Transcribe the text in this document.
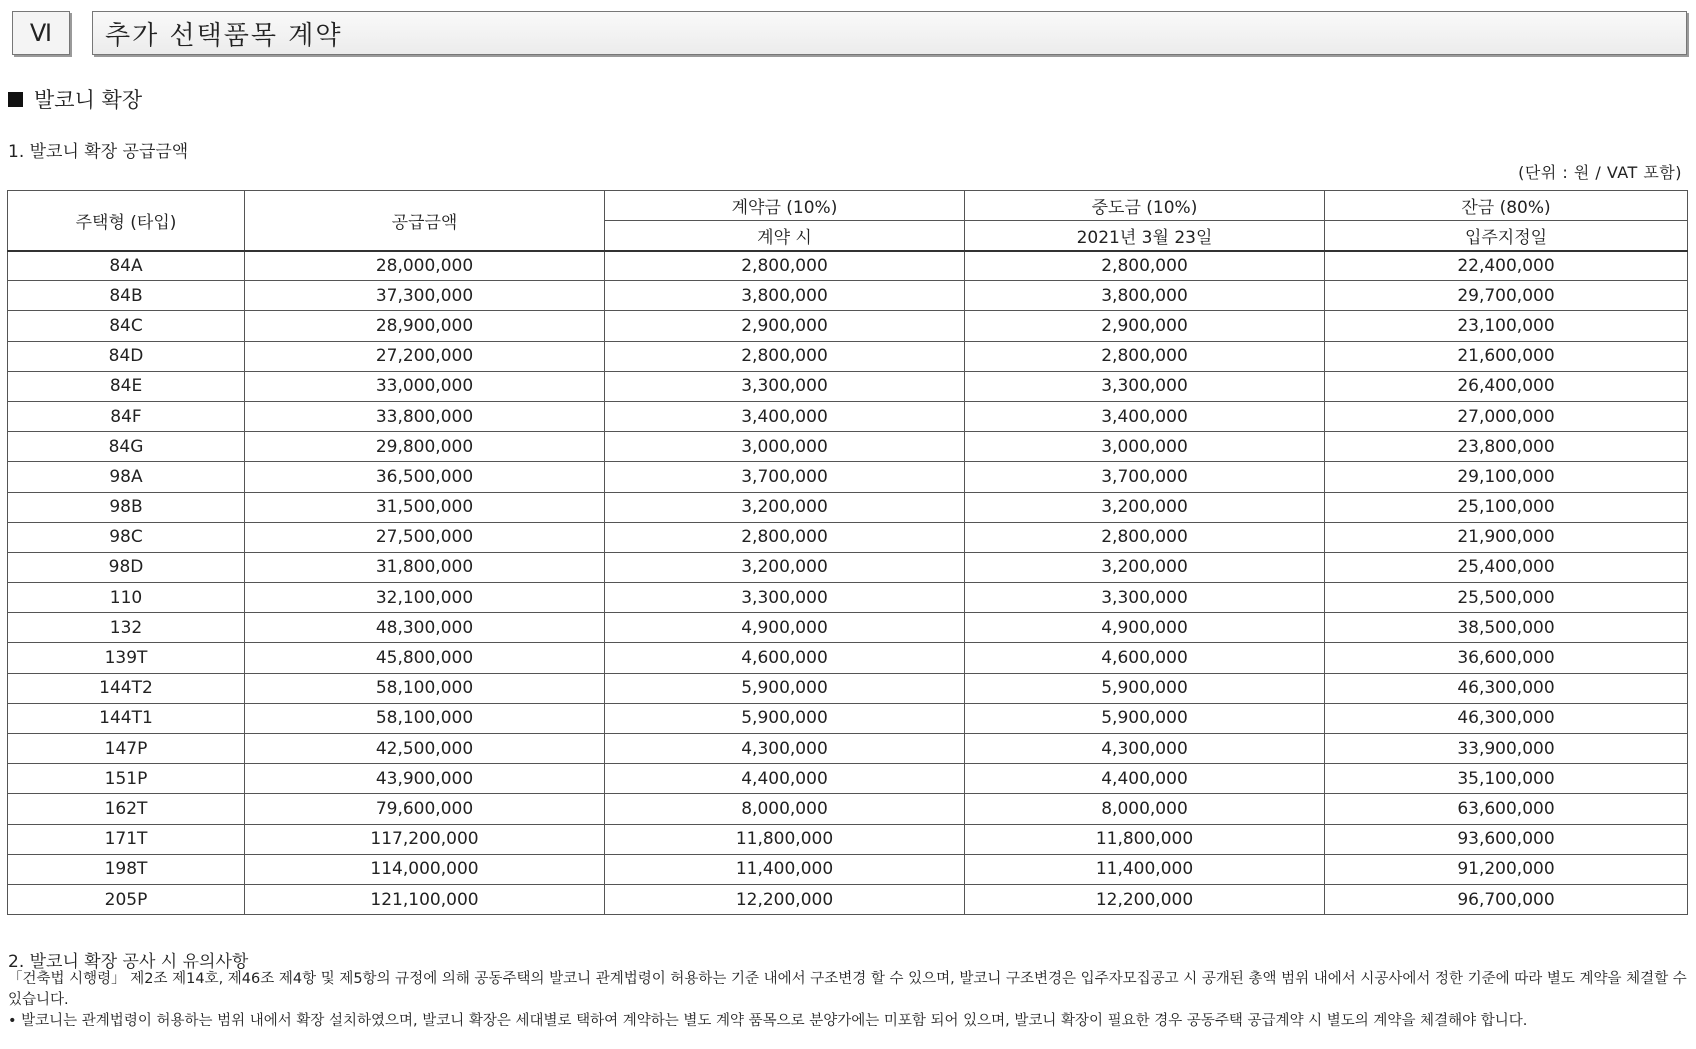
Ⅵ 추가 선택품목 계약
발코니 확장
1. 발코니 확장 공급금액
(단위 : 원 / VAT 포함)
주택형 (타입)	공급금액	계약금 (10%)	중도금 (10%)	잔금 (80%)
		계약 시	2021년 3월 23일	입주지정일
84A	28,000,000	2,800,000	2,800,000	22,400,000
84B	37,300,000	3,800,000	3,800,000	29,700,000
84C	28,900,000	2,900,000	2,900,000	23,100,000
84D	27,200,000	2,800,000	2,800,000	21,600,000
84E	33,000,000	3,300,000	3,300,000	26,400,000
84F	33,800,000	3,400,000	3,400,000	27,000,000
84G	29,800,000	3,000,000	3,000,000	23,800,000
98A	36,500,000	3,700,000	3,700,000	29,100,000
98B	31,500,000	3,200,000	3,200,000	25,100,000
98C	27,500,000	2,800,000	2,800,000	21,900,000
98D	31,800,000	3,200,000	3,200,000	25,400,000
110	32,100,000	3,300,000	3,300,000	25,500,000
132	48,300,000	4,900,000	4,900,000	38,500,000
139T	45,800,000	4,600,000	4,600,000	36,600,000
144T2	58,100,000	5,900,000	5,900,000	46,300,000
144T1	58,100,000	5,900,000	5,900,000	46,300,000
147P	42,500,000	4,300,000	4,300,000	33,900,000
151P	43,900,000	4,400,000	4,400,000	35,100,000
162T	79,600,000	8,000,000	8,000,000	63,600,000
171T	117,200,000	11,800,000	11,800,000	93,600,000
198T	114,000,000	11,400,000	11,400,000	91,200,000
205P	121,100,000	12,200,000	12,200,000	96,700,000
2. 발코니 확장 공사 시 유의사항
「건축법 시행령」 제2조 제14호, 제46조 제4항 및 제5항의 규정에 의해 공동주택의 발코니 관계법령이 허용하는 기준 내에서 구조변경 할 수 있으며, 발코니 구조변경은 입주자모집공고 시 공개된 총액 범위 내에서 시공사에서 정한 기준에 따라 별도 계약을 체결할 수 있습니다.
• 발코니는 관계법령이 허용하는 범위 내에서 확장 설치하였으며, 발코니 확장은 세대별로 택하여 계약하는 별도 계약 품목으로 분양가에는 미포함 되어 있으며, 발코니 확장이 필요한 경우 공동주택 공급계약 시 별도의 계약을 체결해야 합니다.
